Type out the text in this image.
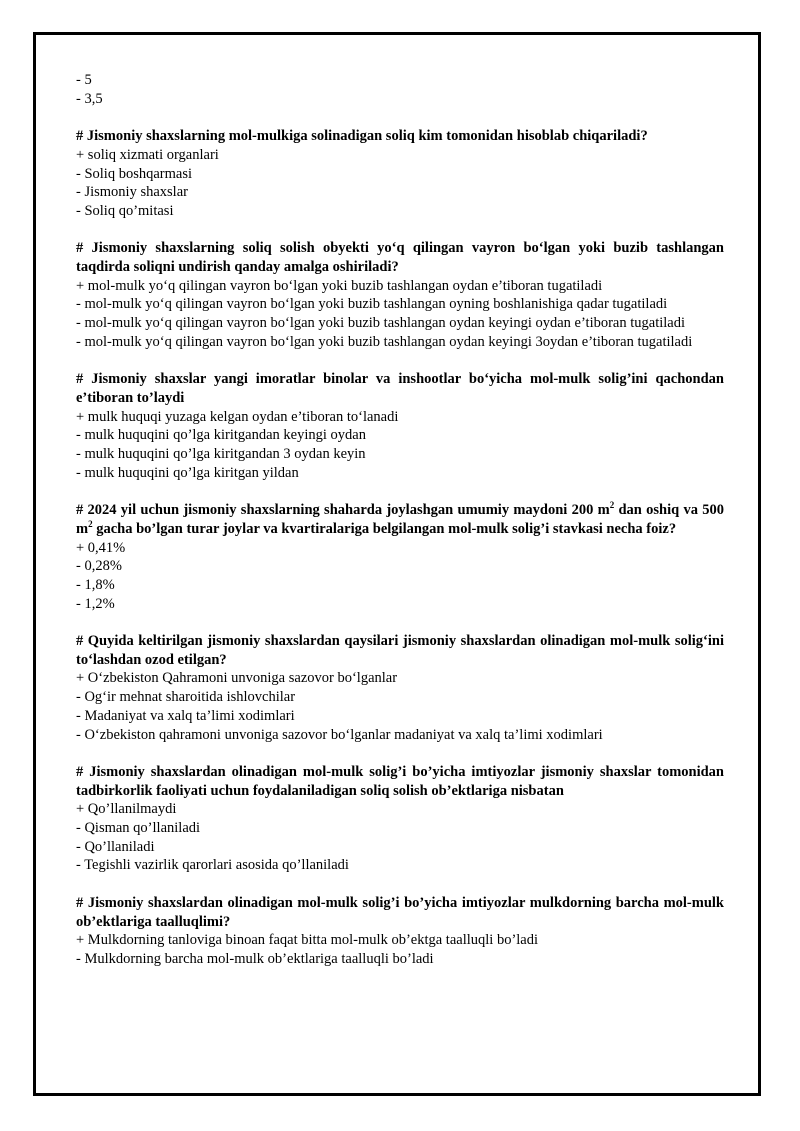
- 5

- 3,5

# Jismoniy shaxslarning mol-mulkiga solinadigan soliq kim tomonidan hisoblab chiqariladi?

+ soliq xizmati organlari

- Soliq boshqarmasi

- Jismoniy shaxslar

- Soliq qo’mitasi

# Jismoniy shaxslarning soliq solish obyekti yo‘q qilingan vayron bo‘lgan yoki buzib tashlangan taqdirda soliqni undirish qanday amalga oshiriladi?

+ mol-mulk yo‘q qilingan vayron bo‘lgan yoki buzib tashlangan oydan e’tiboran tugatiladi

- mol-mulk yo‘q qilingan vayron bo‘lgan yoki buzib tashlangan oyning boshlanishiga qadar tugatiladi

- mol-mulk yo‘q qilingan vayron bo‘lgan yoki buzib tashlangan oydan keyingi oydan e’tiboran tugatiladi

- mol-mulk yo‘q qilingan vayron bo‘lgan yoki buzib tashlangan oydan keyingi 3oydan e’tiboran tugatiladi

# Jismoniy shaxslar yangi imoratlar binolar va inshootlar bo‘yicha mol-mulk solig’ini qachondan e’tiboran to’laydi

+ mulk huquqi yuzaga kelgan oydan e’tiboran to‘lanadi

- mulk huquqini qo’lga kiritgandan keyingi oydan

- mulk huquqini qo’lga kiritgandan 3 oydan keyin

- mulk huquqini qo’lga kiritgan yildan

# 2024 yil uchun jismoniy shaxslarning shaharda joylashgan umumiy maydoni 200 $m^2$ dan oshiq va 500 $m^2$ gacha bo’lgan turar joylar va kvartiralariga belgilangan mol-mulk solig’i stavkasi necha foiz?

+ 0,41%

- 0,28%

- 1,8%

- 1,2%

# Quyida keltirilgan jismoniy shaxslardan qaysilari jismoniy shaxslardan olinadigan mol-mulk solig‘ini to‘lashdan ozod etilgan?

+ O‘zbekiston Qahramoni unvoniga sazovor bo‘lganlar

- Og‘ir mehnat sharoitida ishlovchilar

- Madaniyat va xalq ta’limi xodimlari

- O‘zbekiston qahramoni unvoniga sazovor bo‘lganlar madaniyat va xalq ta’limi xodimlari

# Jismoniy shaxslardan olinadigan mol-mulk solig’i bo’yicha imtiyozlar jismoniy shaxslar tomonidan tadbirkorlik faoliyati uchun foydalaniladigan soliq solish ob’ektlariga nisbatan

+ Qo’llanilmaydi

- Qisman qo’llaniladi

- Qo’llaniladi

- Tegishli vazirlik qarorlari asosida qo’llaniladi

# Jismoniy shaxslardan olinadigan mol-mulk solig’i bo’yicha imtiyozlar mulkdorning barcha mol-mulk ob’ektlariga taalluqlimi?

+ Mulkdorning tanloviga binoan faqat bitta mol-mulk ob’ektga taalluqli bo’ladi

- Mulkdorning barcha mol-mulk ob’ektlariga taalluqli bo’ladi
